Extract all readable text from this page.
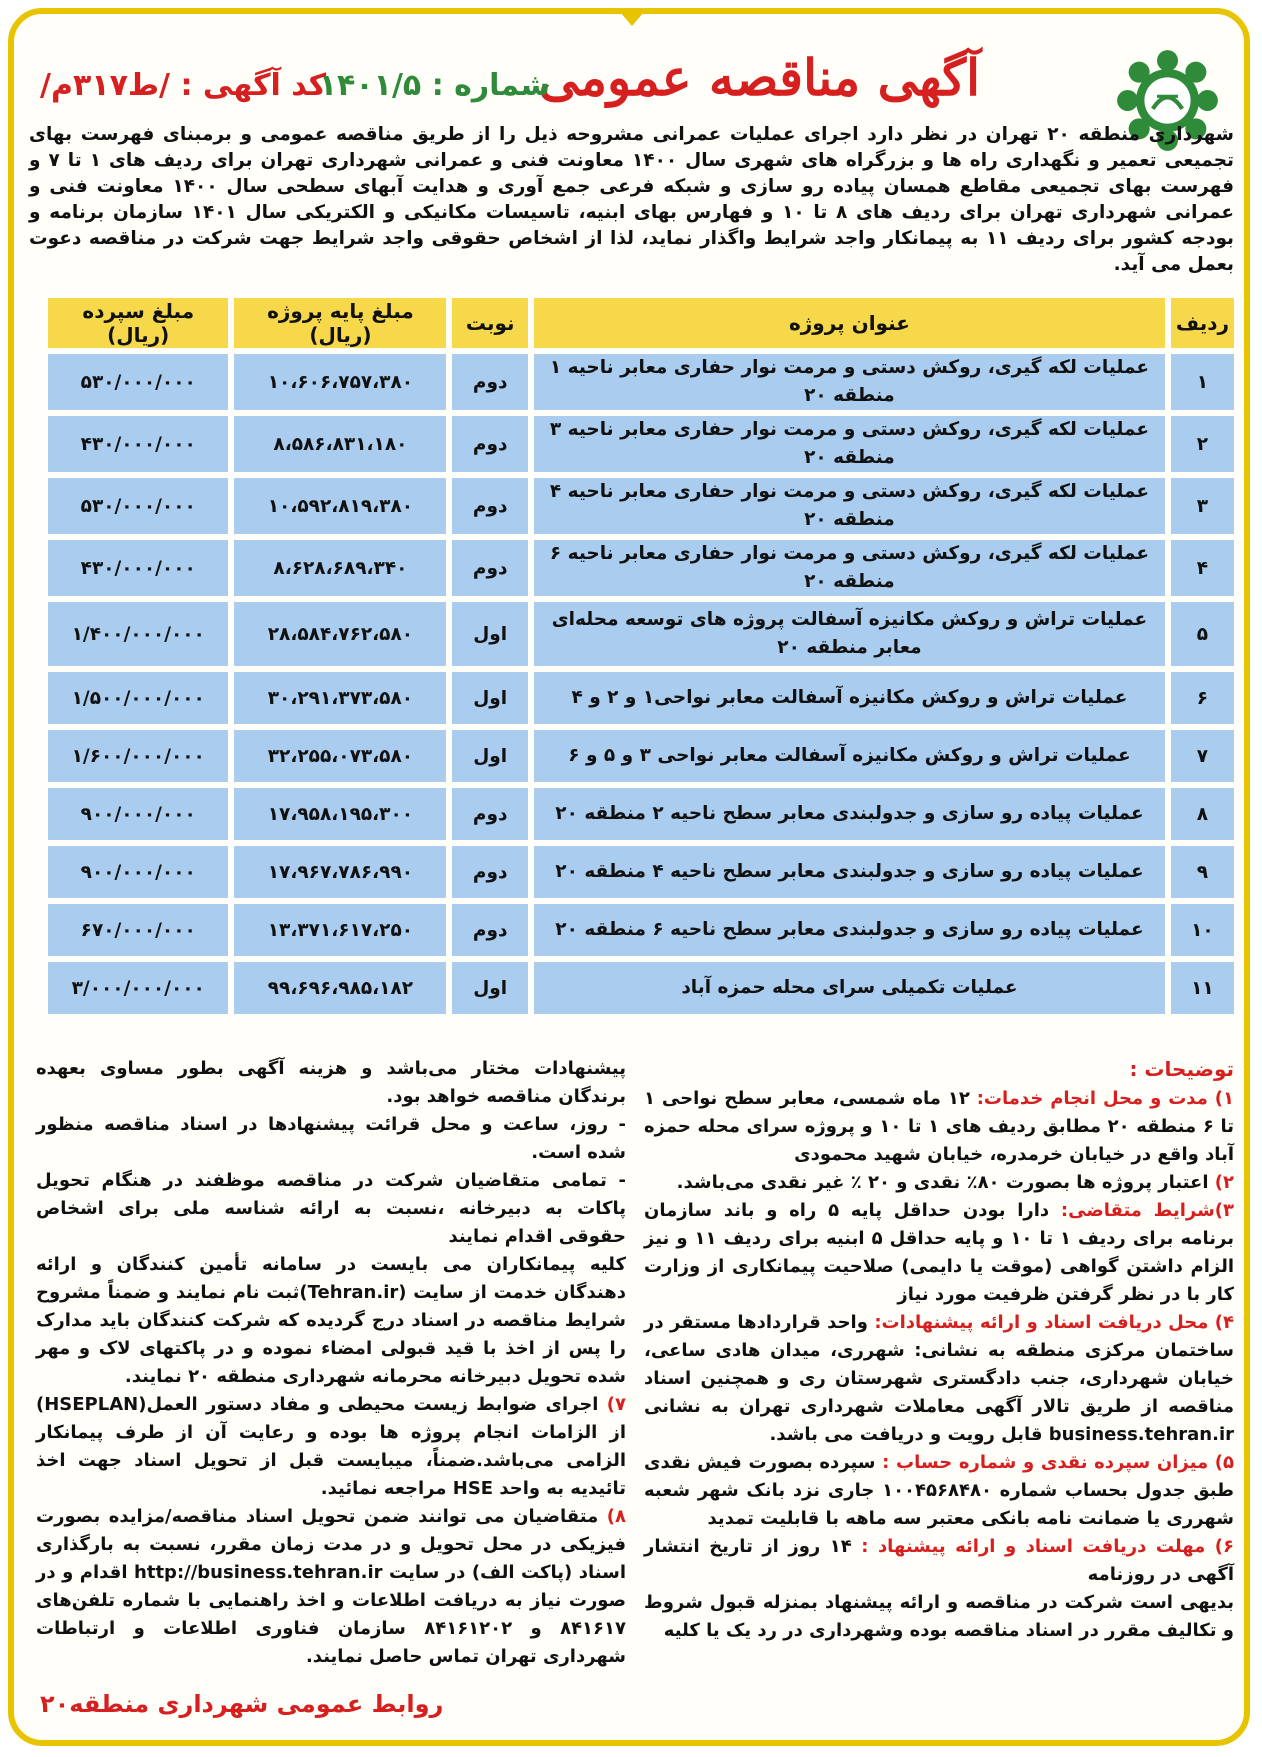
آگهی مناقصه عمومی
شماره : ۱۴۰۱/۵
کد آگهی : /ط۳۱۷م/
شهرداری منطقه ۲۰ تهران در نظر دارد اجرای عملیات عمرانی مشروحه ذیل را از طریق مناقصه عمومی و برمبنای فهرست بهای تجمیعی تعمیر و نگهداری راه ها و بزرگراه های شهری سال ۱۴۰۰ معاونت فنی و عمرانی شهرداری تهران برای ردیف های ۱ تا ۷ و فهرست بهای تجمیعی مقاطع همسان پیاده رو سازی و شبکه فرعی جمع آوری و هدایت آبهای سطحی سال ۱۴۰۰ معاونت فنی و عمرانی شهرداری تهران برای ردیف های ۸ تا ۱۰ و فهارس بهای ابنیه، تاسیسات مکانیکی و الکتریکی سال ۱۴۰۱ سازمان برنامه و بودجه کشور برای ردیف ۱۱ به پیمانکار واجد شرایط واگذار نماید، لذا از اشخاص حقوقی واجد شرایط جهت شرکت در مناقصه دعوت بعمل می آید.
ردیف	عنوان پروژه	نوبت	مبلغ پایه پروژه (ریال)	مبلغ سپرده (ریال)
۱	عملیات لکه گیری، روکش دستی و مرمت نوار حفاری معابر ناحیه ۱ منطقه ۲۰	دوم	۱۰،۶۰۶،۷۵۷،۳۸۰	۵۳۰/۰۰۰/۰۰۰
۲	عملیات لکه گیری، روکش دستی و مرمت نوار حفاری معابر ناحیه ۳ منطقه ۲۰	دوم	۸،۵۸۶،۸۳۱،۱۸۰	۴۳۰/۰۰۰/۰۰۰
۳	عملیات لکه گیری، روکش دستی و مرمت نوار حفاری معابر ناحیه ۴ منطقه ۲۰	دوم	۱۰،۵۹۲،۸۱۹،۳۸۰	۵۳۰/۰۰۰/۰۰۰
۴	عملیات لکه گیری، روکش دستی و مرمت نوار حفاری معابر ناحیه ۶ منطقه ۲۰	دوم	۸،۶۲۸،۶۸۹،۳۴۰	۴۳۰/۰۰۰/۰۰۰
۵	عملیات تراش و روکش مکانیزه آسفالت پروژه های توسعه محله‌ای معابر منطقه ۲۰	اول	۲۸،۵۸۴،۷۶۲،۵۸۰	۱/۴۰۰/۰۰۰/۰۰۰
۶	عملیات تراش و روکش مکانیزه آسفالت معابر نواحی۱ و ۲ و ۴	اول	۳۰،۲۹۱،۳۷۳،۵۸۰	۱/۵۰۰/۰۰۰/۰۰۰
۷	عملیات تراش و روکش مکانیزه آسفالت معابر نواحی ۳ و ۵ و ۶	اول	۳۲،۲۵۵،۰۷۳،۵۸۰	۱/۶۰۰/۰۰۰/۰۰۰
۸	عملیات پیاده رو سازی و جدولبندی معابر سطح ناحیه ۲ منطقه ۲۰	دوم	۱۷،۹۵۸،۱۹۵،۳۰۰	۹۰۰/۰۰۰/۰۰۰
۹	عملیات پیاده رو سازی و جدولبندی معابر سطح ناحیه ۴ منطقه ۲۰	دوم	۱۷،۹۶۷،۷۸۶،۹۹۰	۹۰۰/۰۰۰/۰۰۰
۱۰	عملیات پیاده رو سازی و جدولبندی معابر سطح ناحیه ۶ منطقه ۲۰	دوم	۱۳،۳۷۱،۶۱۷،۲۵۰	۶۷۰/۰۰۰/۰۰۰
۱۱	عملیات تکمیلی سرای محله حمزه آباد	اول	۹۹،۶۹۶،۹۸۵،۱۸۲	۳/۰۰۰/۰۰۰/۰۰۰

توضیحات :

۱) مدت و محل انجام خدمات: ۱۲ ماه شمسی، معابر سطح نواحی ۱ تا ۶ منطقه ۲۰ مطابق ردیف های ۱ تا ۱۰ و پروژه سرای محله حمزه آباد واقع در خیابان خرمدره، خیابان شهید محمودی

۲) اعتبار پروژه ها بصورت ۸۰٪ نقدی و ۲۰ ٪ غیر نقدی می‌باشد.

۳)شرایط متقاضی: دارا بودن حداقل پایه ۵ راه و باند سازمان برنامه برای ردیف ۱ تا ۱۰ و پایه حداقل ۵ ابنیه برای ردیف ۱۱ و نیز الزام داشتن گواهی (موقت یا دایمی) صلاحیت پیمانکاری از وزارت کار با در نظر گرفتن ظرفیت مورد نیاز

۴) محل دریافت اسناد و ارائه پیشنهادات: واحد قراردادها مستقر در ساختمان مرکزی منطقه به نشانی: شهرری، میدان هادی ساعی، خیابان شهرداری، جنب دادگستری شهرستان ری و همچنین اسناد مناقصه از طریق تالار آگهی معاملات شهرداری تهران به نشانی business.tehran.ir قابل رویت و دریافت می باشد.

۵) میزان سپرده نقدی و شماره حساب : سپرده بصورت فیش نقدی طبق جدول بحساب شماره ۱۰۰۴۵۶۸۴۸۰ جاری نزد بانک شهر شعبه شهرری یا ضمانت نامه بانکی معتبر سه ماهه با قابلیت تمدید

۶) مهلت دریافت اسناد و ارائه پیشنهاد : ۱۴ روز از تاریخ انتشار آگهی در روزنامه

بدیهی است شرکت در مناقصه و ارائه پیشنهاد بمنزله قبول شروط و تکالیف مقرر در اسناد مناقصه بوده وشهرداری در رد یک یا کلیه

پیشنهادات مختار می‌باشد و هزینه آگهی بطور مساوی بعهده برندگان مناقصه خواهد بود.

- روز، ساعت و محل قرائت پیشنهادها در اسناد مناقصه منظور شده است.

- تمامی متقاضیان شرکت در مناقصه موظفند در هنگام تحویل پاکات به دبیرخانه ،نسبت به ارائه شناسه ملی برای اشخاص حقوقی اقدام نمایند

کلیه پیمانکاران می بایست در سامانه تأمین کنندگان و ارائه دهندگان خدمت از سایت (Tehran.ir)ثبت نام نمایند و ضمناً مشروح شرایط مناقصه در اسناد درج گردیده که شرکت کنندگان باید مدارک را پس از اخذ با قید قبولی امضاء نموده و در پاکتهای لاک و مهر شده تحویل دبیرخانه محرمانه شهرداری منطقه ۲۰ نمایند.

۷) اجرای ضوابط زیست محیطی و مفاد دستور العمل(HSEPLAN) از الزامات انجام پروژه ها بوده و رعایت آن از طرف پیمانکار الزامی می‌باشد.ضمناً، میبایست قبل از تحویل اسناد جهت اخذ تائیدیه به واحد HSE مراجعه نمائید.

۸) متقاضیان می توانند ضمن تحویل اسناد مناقصه/مزایده بصورت فیزیکی در محل تحویل و در مدت زمان مقرر، نسبت به بارگذاری اسناد (پاکت الف) در سایت http://business.tehran.ir اقدام و در صورت نیاز به دریافت اطلاعات و اخذ راهنمایی با شماره تلفن‌های ۸۴۱۶۱۷ و ۸۴۱۶۱۲۰۲ سازمان فناوری اطلاعات و ارتباطات شهرداری تهران تماس حاصل نمایند.

روابط عمومی شهرداری منطقه۲۰
